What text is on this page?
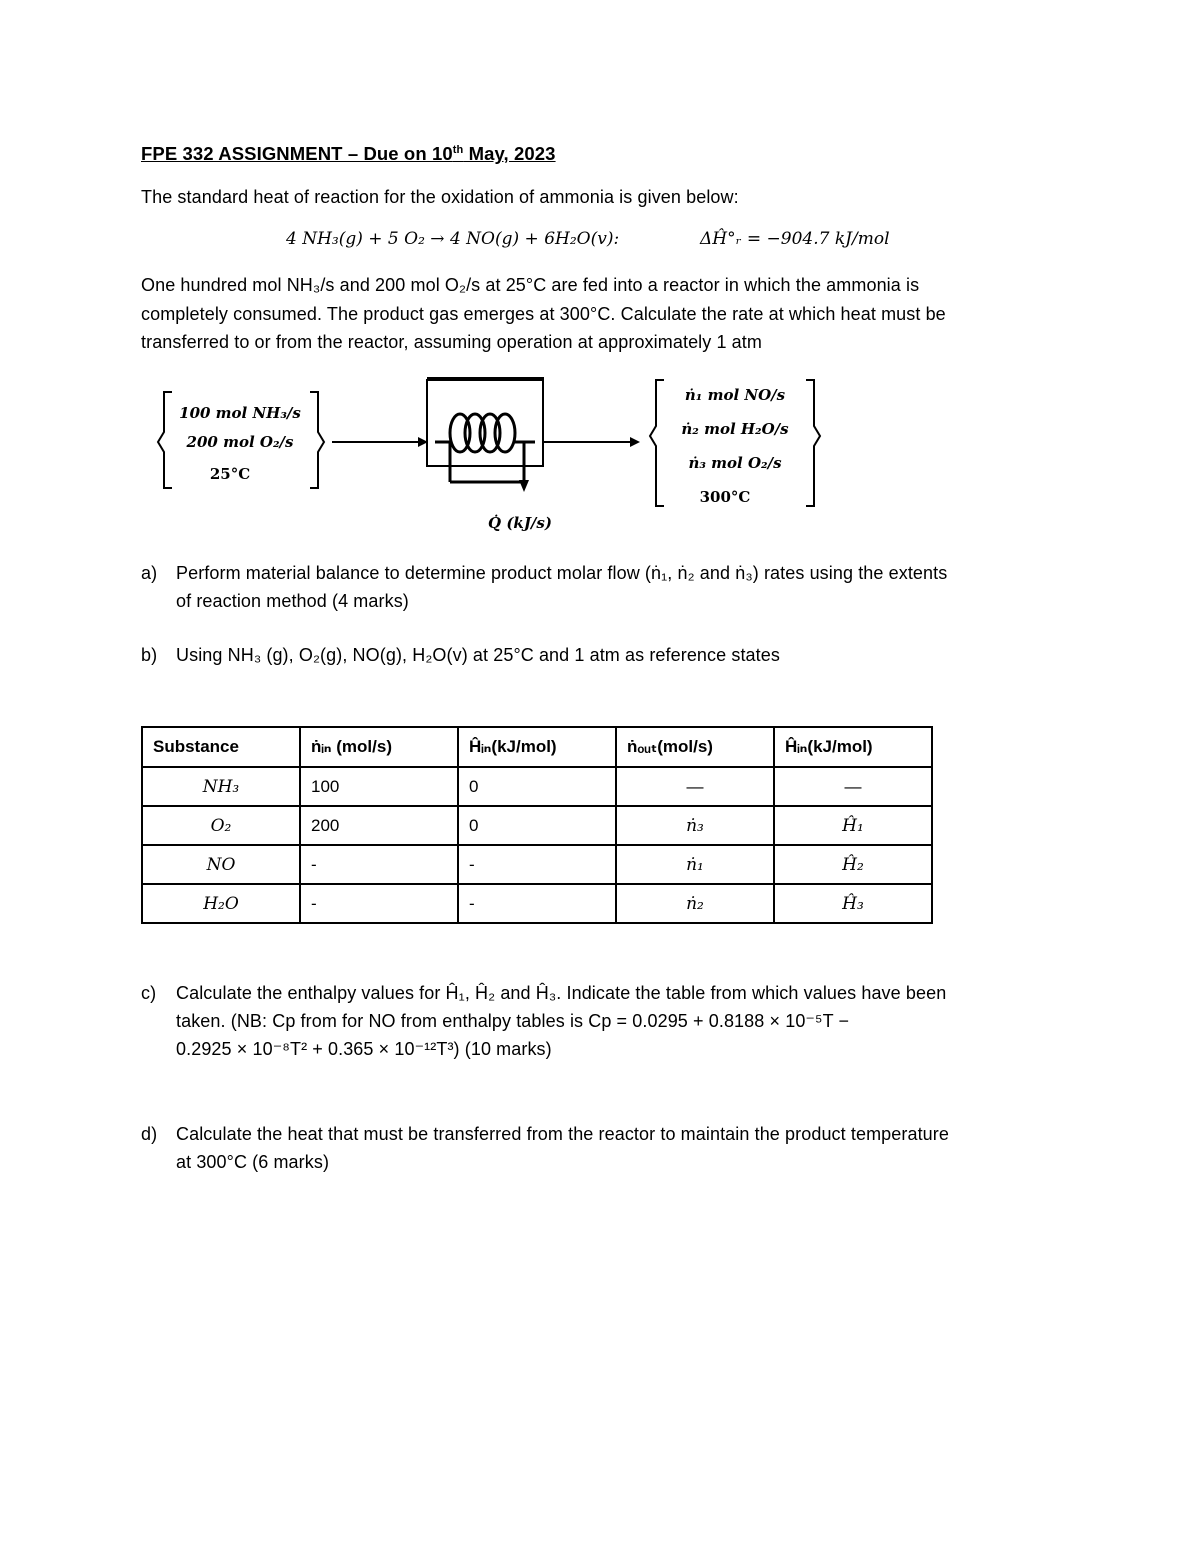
FPE 332 ASSIGNMENT – Due on 10th May, 2023
The standard heat of reaction for the oxidation of ammonia is given below:
4 NH₃(g) + 5 O₂ → 4 NO(g) + 6H₂O(v):	ΔĤ°ᵣ = −904.7 kJ/mol
One hundred mol NH₃/s and 200 mol O₂/s at 25°C are fed into a reactor in which the ammonia is
completely consumed. The product gas emerges at 300°C. Calculate the rate at which heat must be
transferred to or from the reactor, assuming operation at approximately 1 atm
100 mol NH₃/s
200 mol O₂/s
25°C
ṅ₁ mol NO/s
ṅ₂ mol H₂O/s
ṅ₃ mol O₂/s
300°C
Q̇ (kJ/s)
a) Perform material balance to determine product molar flow (ṅ₁, ṅ₂ and ṅ₃) rates using the extents
of reaction method (4 marks)
b) Using NH₃ (g), O₂(g), NO(g), H₂O(v) at 25°C and 1 atm as reference states
Substance	ṅᵢₙ (mol/s)	Ĥᵢₙ(kJ/mol)	ṅₒᵤₜ(mol/s)	Ĥᵢₙ(kJ/mol)
NH₃	100	0	—	—
O₂	200	0	ṅ₃	Ĥ₁
NO	-	-	ṅ₁	Ĥ₂
H₂O	-	-	ṅ₂	Ĥ₃
c) Calculate the enthalpy values for Ĥ₁, Ĥ₂ and Ĥ₃. Indicate the table from which values have been
taken. (NB: Cp from for NO from enthalpy tables is Cp = 0.0295 + 0.8188 × 10⁻⁵T −
0.2925 × 10⁻⁸T² + 0.365 × 10⁻¹²T³) (10 marks)
d) Calculate the heat that must be transferred from the reactor to maintain the product temperature
at 300°C (6 marks)
